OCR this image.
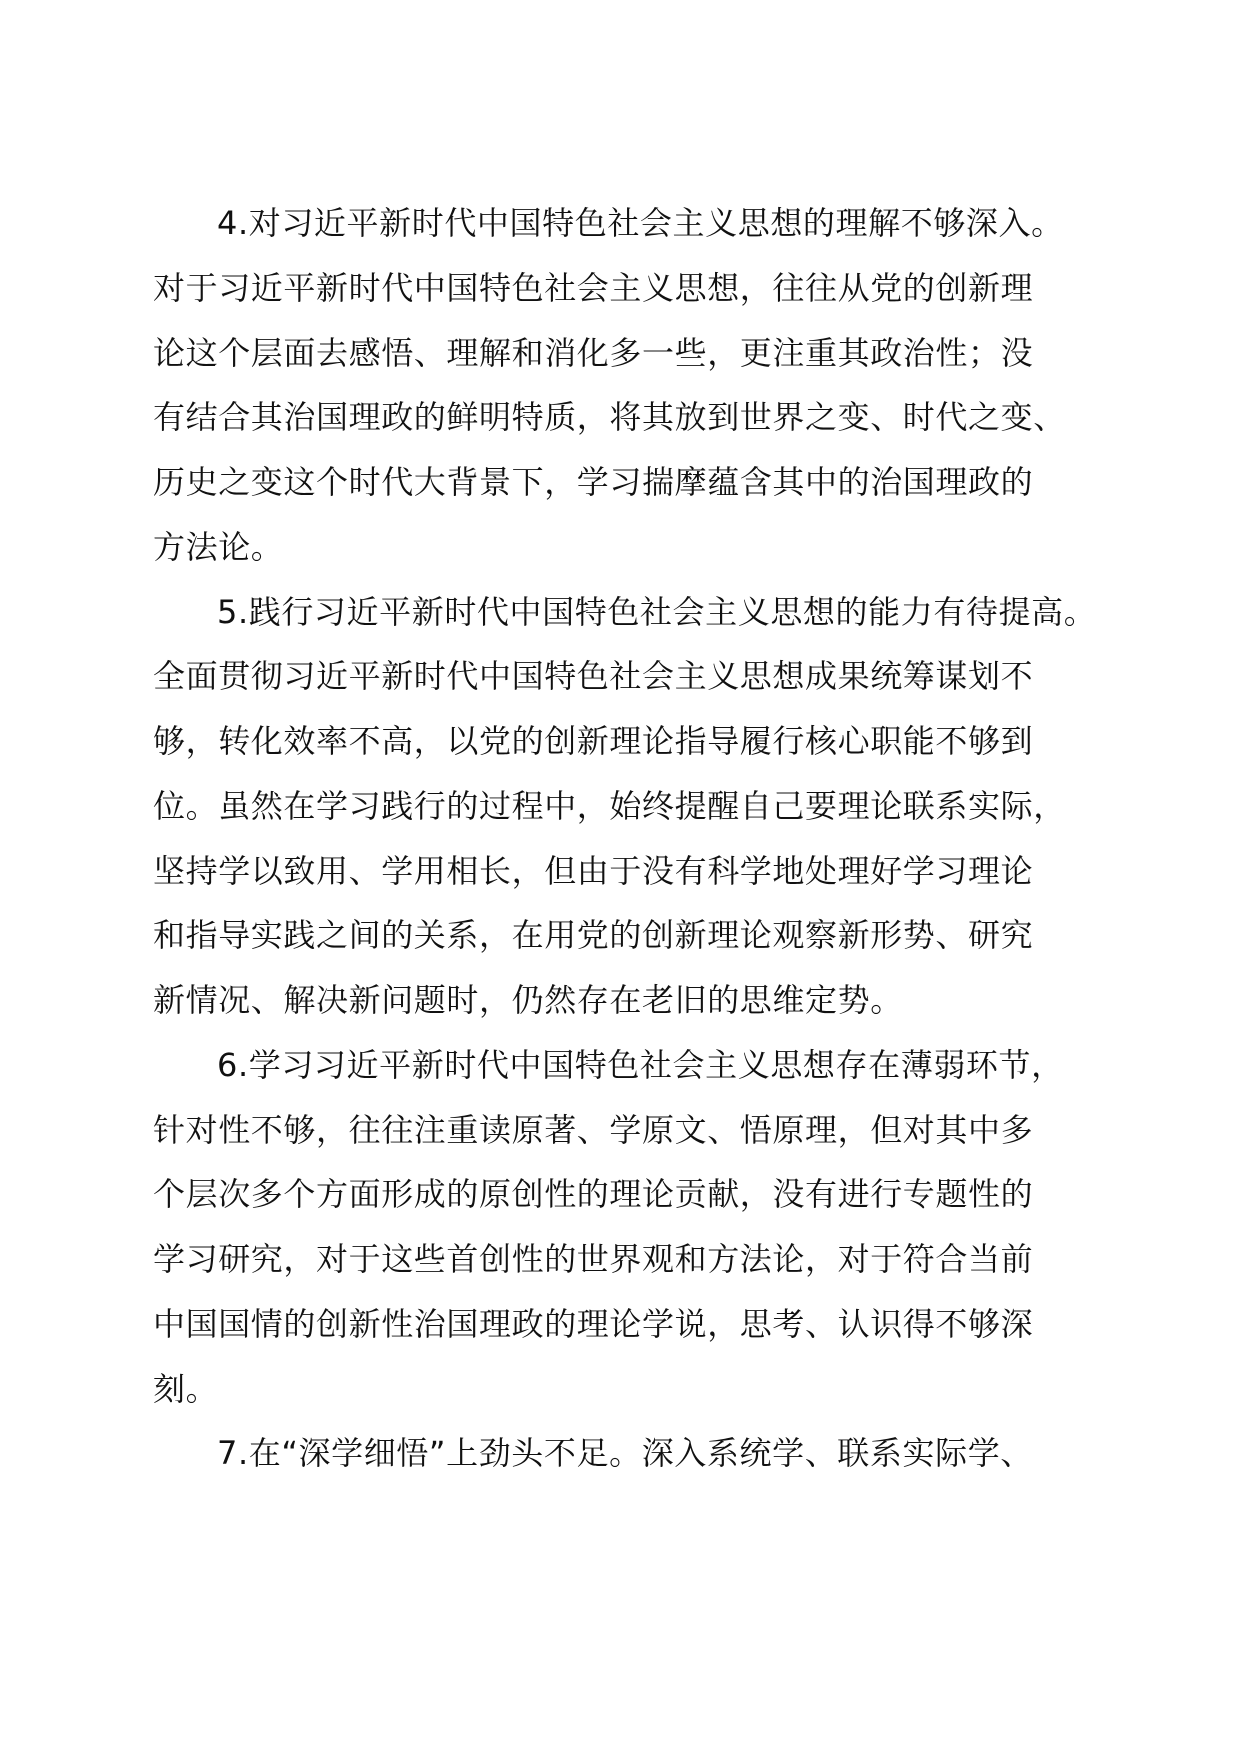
4.对习近平新时代中国特色社会主义思想的理解不够深入。
对于习近平新时代中国特色社会主义思想，往往从党的创新理
论这个层面去感悟、理解和消化多一些，更注重其政治性；没
有结合其治国理政的鲜明特质，将其放到世界之变、时代之变、
历史之变这个时代大背景下，学习揣摩蕴含其中的治国理政的
方法论。
5.践行习近平新时代中国特色社会主义思想的能力有待提高。
全面贯彻习近平新时代中国特色社会主义思想成果统筹谋划不
够，转化效率不高，以党的创新理论指导履行核心职能不够到
位。虽然在学习践行的过程中，始终提醒自己要理论联系实际，
坚持学以致用、学用相长，但由于没有科学地处理好学习理论
和指导实践之间的关系，在用党的创新理论观察新形势、研究
新情况、解决新问题时，仍然存在老旧的思维定势。
6.学习习近平新时代中国特色社会主义思想存在薄弱环节，
针对性不够，往往注重读原著、学原文、悟原理，但对其中多
个层次多个方面形成的原创性的理论贡献，没有进行专题性的
学习研究，对于这些首创性的世界观和方法论，对于符合当前
中国国情的创新性治国理政的理论学说，思考、认识得不够深
刻。
7.在“深学细悟”上劲头不足。深入系统学、联系实际学、
